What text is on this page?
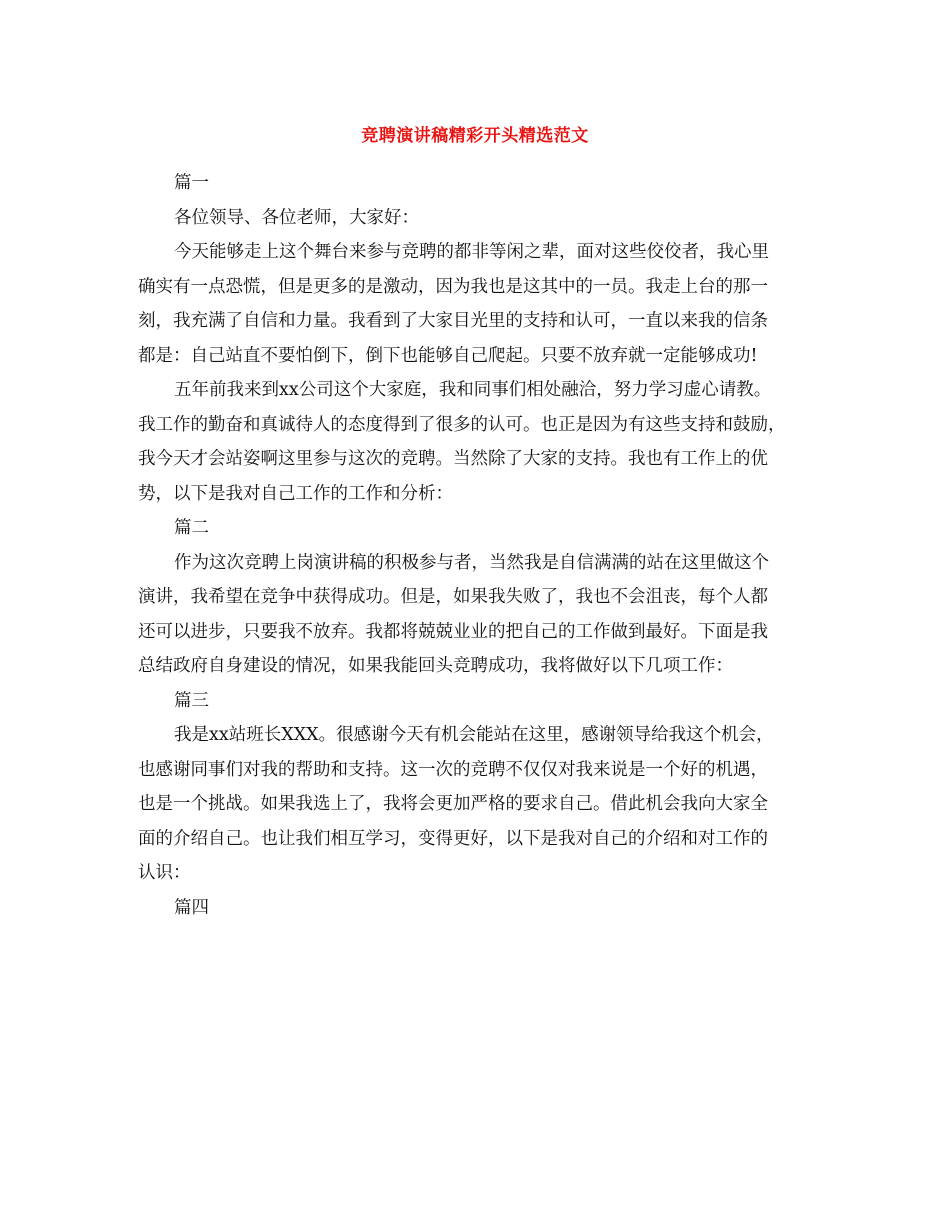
竞聘演讲稿精彩开头精选范文
篇一
各位领导、各位老师，大家好：
今天能够走上这个舞台来参与竞聘的都非等闲之辈，面对这些佼佼者，我心里
确实有一点恐慌，但是更多的是激动，因为我也是这其中的一员。我走上台的那一
刻，我充满了自信和力量。我看到了大家目光里的支持和认可，一直以来我的信条
都是：自己站直不要怕倒下，倒下也能够自己爬起。只要不放弃就一定能够成功!
五年前我来到xx公司这个大家庭，我和同事们相处融洽，努力学习虚心请教。
我工作的勤奋和真诚待人的态度得到了很多的认可。也正是因为有这些支持和鼓励，
我今天才会站姿啊这里参与这次的竞聘。当然除了大家的支持。我也有工作上的优
势，以下是我对自己工作的工作和分析：
篇二
作为这次竞聘上岗演讲稿的积极参与者，当然我是自信满满的站在这里做这个
演讲，我希望在竞争中获得成功。但是，如果我失败了，我也不会沮丧，每个人都
还可以进步，只要我不放弃。我都将兢兢业业的把自己的工作做到最好。下面是我
总结政府自身建设的情况，如果我能回头竞聘成功，我将做好以下几项工作：
篇三
我是xx站班长XXX。很感谢今天有机会能站在这里，感谢领导给我这个机会，
也感谢同事们对我的帮助和支持。这一次的竞聘不仅仅对我来说是一个好的机遇，
也是一个挑战。如果我选上了，我将会更加严格的要求自己。借此机会我向大家全
面的介绍自己。也让我们相互学习，变得更好，以下是我对自己的介绍和对工作的
认识：
篇四
